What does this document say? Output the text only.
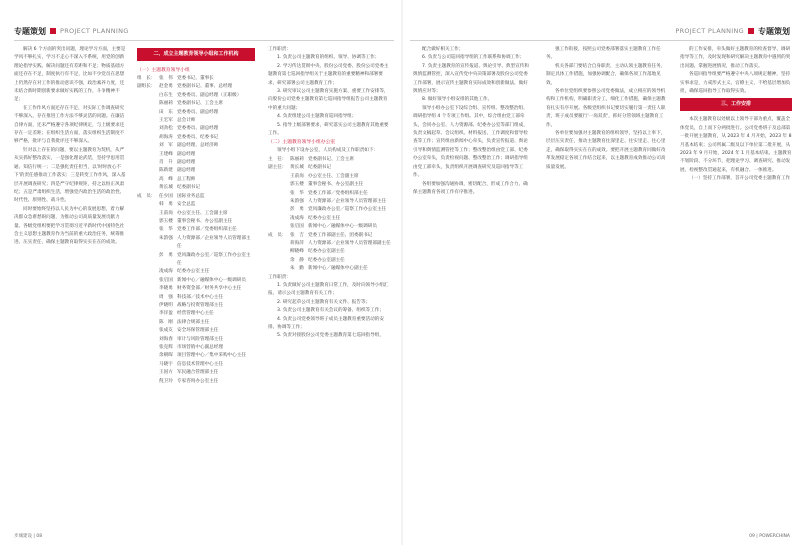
专题策划 PROJECT PLANNING	专题策划
PROJECT PLANNING

解决 6 个方面的突出问题，理论学习方面，主要是学风不够扎实，学习不走心不深入不系统，用党的创新理论指导实践、解决问题还有差距和不足；物质基础方面还存在不足，制度执行有不足，比如不少党员在思想上仍然存在对工作的推动意识不强，政治素养力度，还未结合新时期创新要求做好实践的工作，斗争精神不足；

在工作作风方面还存在不足，对实际工作调查研究不够深入，存在推进工作方法不够灵活的问题。在廉洁自律方面，还未严格遵守各项纪律规定，与上级要求还存在一定差距；在组织生活方面，落实组织生活制度不够严格，批评与自我批评还不够深入。

针对以上存在的问题，要以主题教育为契机，从严从实抓好整改落实，一是强化理论武装，坚持学思用贯通、知信行统一；二是强化责任担当，以'时时放心不下'的责任感推动工作落实；三是转变工作作风，深入基层开展调查研究；四是严守纪律规矩，持之以恒正风肃纪；五是严肃组织生活，增强党内政治生活的政治性、时代性、原则性、战斗性。

同时要始终坚持以人民为中心的发展思想，着力解决群众急难愁盼问题，为推动公司高质量发展贡献力量。各级党组织要把学习贯彻习近平新时代中国特色社会主义思想主题教育作为当前的重大政治任务，统筹推进、压实责任，确保主题教育取得实实在在的成效。

二、成立主题教育领导小组和工作机构
（一）主题教育领导小组
组　长： 张　伟 党委书记、董事长
副组长： 赵金勇 党委副书记、董事、总经理
白东生 党委委员、副总经理（正职级）
陈丽莉 党委副书记、工会主席
田　东 党委委员、副总经理
王宏军 总会计师
刘劲松 党委委员、副总经理
胡海涛 党委委员、纪委书记
刘　军 副总经理、总经济师
王建峰 副总经理
肖　升 副总经理
陈新建 副总经理
高　峰 总工程师
黄长城 纪委副书记
成　员： 任少国 国际业务总监
韩　勇 安全总监
王前岗 办公室主任、工会副主席
郭玉楼 董事会秘书、办公室副主任
张　华 党委工作部／党委组织部主任
朱韵强 人力资源部／企业领导人员管理部主任
彭　勇 党风廉政办公室／巡察工作办公室主任
凌成海 纪委办公室主任
张启国 新闻中心／融媒体中心一级调研员
李晓勇 财务资金部／财务共享中心主任
周　强 科技部／技术中心主任
伊晓明 战略与投资管理部主任
李洋盈 经营管理中心主任
陈　刚 法律合规部主任
张成友 安全环保管理部主任
刘海春 审计与风险管理部主任
张克辉 市场营销中心副总经理
余朝晖 项目管理中心／集中采购中心主任
马晓宇 信息技术管理中心主任
王国方 军民融合管理部主任
倪卫玲 专家咨询办公室主任
工作职责：

1. 负责公司主题教育的组织、领导、协调等工作；

2. 学习传达贯彻中央、股份公司党委、股份公司党委主题教育第七巡回指导组关于主题教育的重要精神和部署要求，研究部署公司主题教育工作；

3. 研究审议公司主题教育实施方案、重要工作安排等，向股份公司党委主题教育第七巡回指导组报告公司主题教育中的重大问题；

4. 负责组建公司主题教育巡回指导组；

5. 指导上级部署要求，研究落实公司主题教育其他重要工作。

（二）主题教育领导小组办公室

领导小组下设办公室，人员构成及工作职责如下：

主　任： 陈丽莉 党委副书记、工会主席
副主任： 黄长城 纪委副书记
王前岗 办公室主任、工会副主席
郭玉楼 董事会秘书、办公室副主任
张　华 党委工作部／党委组织部主任
朱韵强 人力资源部／企业领导人员管理部主任
彭　勇 党风廉政办公室／巡察工作办公室主任
凌成海 纪委办公室主任
张启国 新闻中心／融媒体中心一级调研员
成　员： 张　吉 党委工作部副主任、团委副书记
蒋海萍 人力资源部／企业领导人员管理部副主任
柳晓峰 纪委办公室副主任
余　静 纪委办公室副主任
朱　勤 新闻中心／融媒体中心副主任
工作职责：

1. 负责做好公司主题教育日常工作，及时向领导小组汇报、请示公司主题教育有关工作；

2. 研究起草公司主题教育有关文件、报告等；

3. 负责公司主题教育有关会议的筹备、组织等工作；

4. 负责公司党委领导班子成员主题教育重要活动的安排、协调等工作；

5. 负责对接股份公司党委主题教育第七巡回指导组，

配合做好相关工作；

6. 负责与公司巡回指导组的工作联系和协调工作；

7. 负责主题教育的宣传报道、舆论引导、典型宣传和舆情监测管控，深入宣传党中央决策部署及股份公司党委工作部署，展示宣传主题教育实际成效和创新做法，做好舆情应对等；

8. 做好领导小组安排的其他工作。

领导小组办公室下设综合组、宣传组、整改整治组、调研指导组 4 个专项工作组。其中，综合组由党工部牵头，会同办公室、人力资源部、纪委办公室等部门组成，负责文稿起草、会议组织、材料报送、工作调度和督导检查等工作；宣传组由新闻中心牵头，负责宣传报道、舆论引导和舆情监测管控等工作；整改整治组由党工部、纪委办公室牵头，负责检视问题、整改整治工作；调研指导组由党工部牵头，负责组织开展调查研究及巡回指导等工作。

各组要加强沟通协调，密切配合，形成工作合力，确保主题教育各项工作有序推进。

强工作衔接，按照公司党委部署落实主题教育工作任务。

机关各部门要结合自身职责，主动认领主题教育任务，制定具体工作措施，加强协调配合，确保各项工作落地见效。

各单位党组织要参照公司党委做法，成立相应的领导机构和工作机构，明确职责分工，细化工作措施，确保主题教育扎实有序开展。各级党组织书记要切实履行第一责任人职责，班子成员要履行'一岗双责'，抓好分管领域主题教育工作。

各单位要加强对主题教育的组织领导，坚持以上率下，层层压实责任，推动主题教育往深里走、往实里走、往心里走，确保取得实实在在的成效。要把开展主题教育同做好改革发展稳定各项工作结合起来，以主题教育成效推动公司高质量发展。

的工作安排，牵头做好主题教育的检查督导、调研指导等工作，及时发现和研究解决主题教育中遇到的突出问题，掌握进展情况，推动工作落实。

各巡回指导组要严格遵守中央八项规定精神，坚持实事求是，力戒形式主义、官僚主义，不给基层增加负担，确保巡回指导工作取得实效。

三、工作安排

本次主题教育以处级以上领导干部为重点，覆盖全体党员，自上而下分两批进行。公司党委班子及总部第一批开展主题教育，从 2023 年 4 月开始，2023 年 8 月基本结束；公司所属二级及以下单位第二批开展，从 2023 年 9 月开始，2024 年 1 月基本结束。主题教育不划阶段、不分环节，把理论学习、调查研究、推动发展、检视整改贯通起来，有机融合、一体推进。

（一）坚持工作部署，首开公司党委主题教育工作

步城建设 | 08	09 | POWERCHINA
